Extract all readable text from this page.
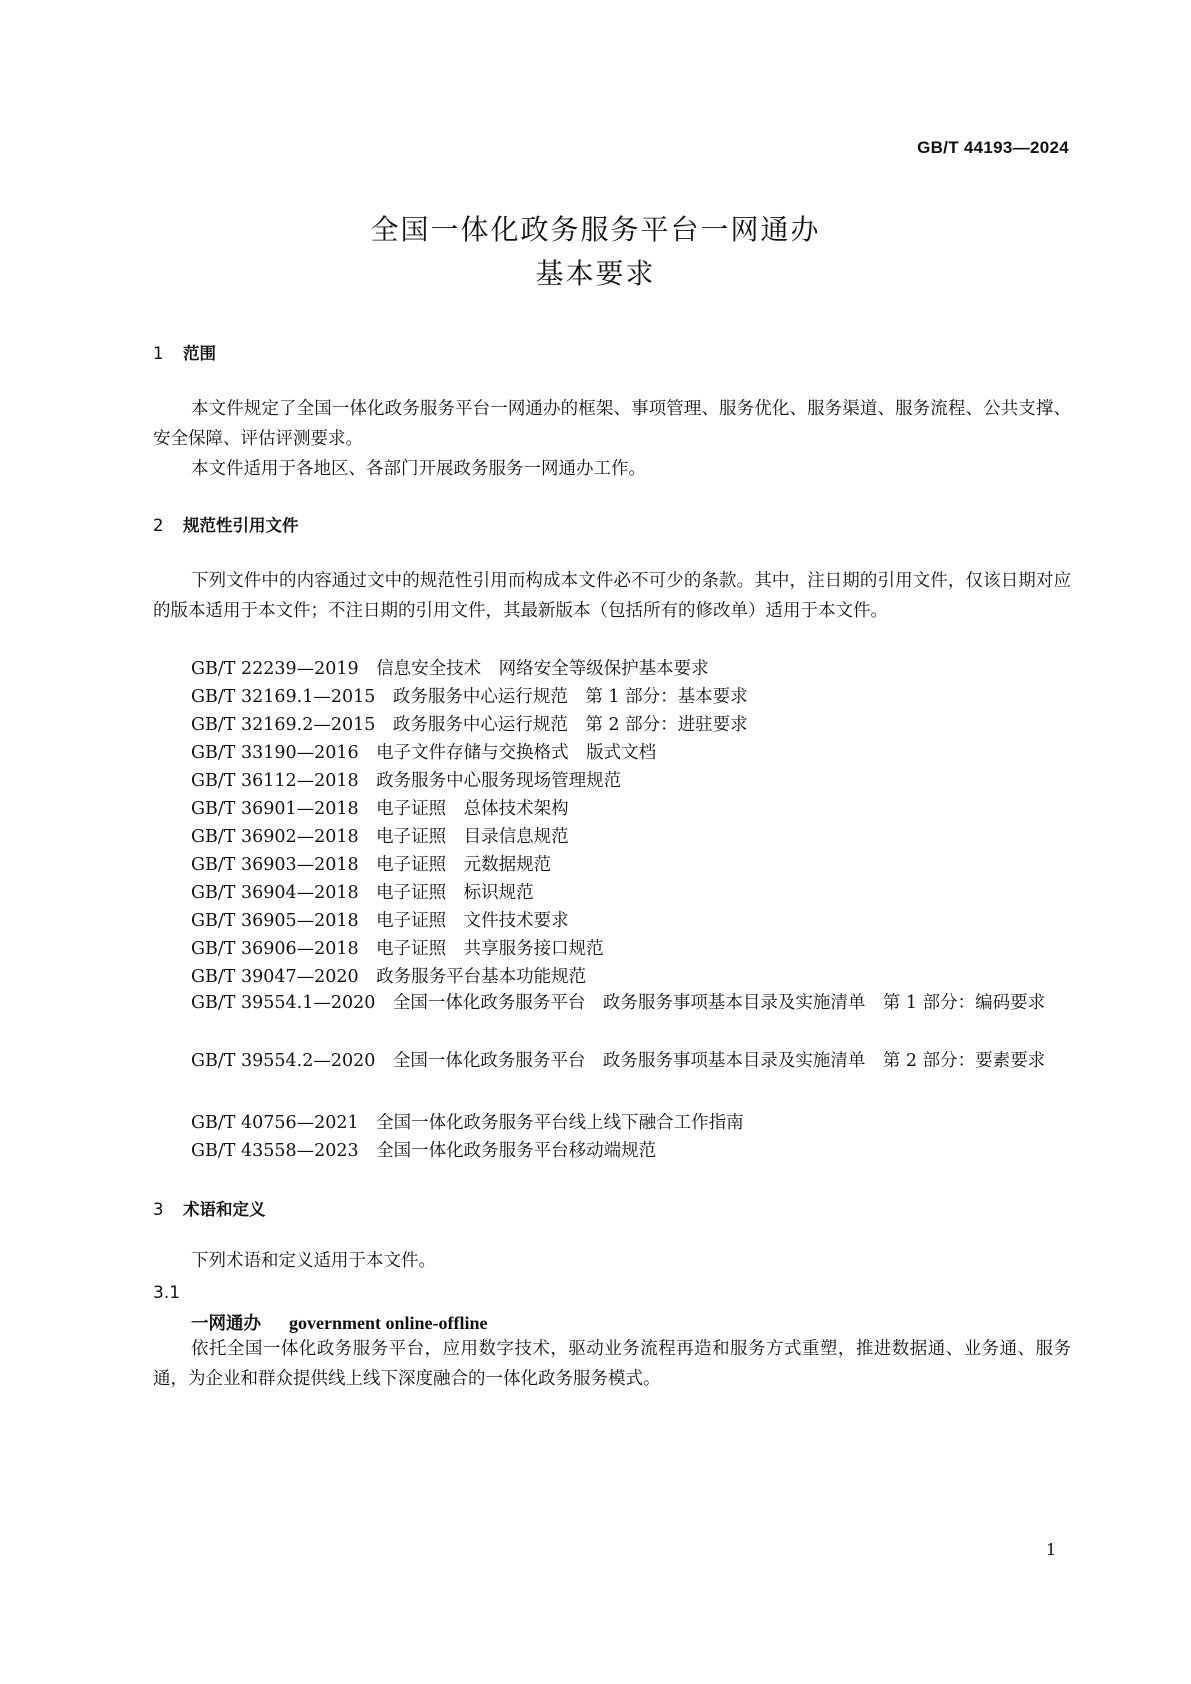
GB/T 44193—2024
全国一体化政务服务平台一网通办
基本要求
1 范围
本文件规定了全国一体化政务服务平台一网通办的框架、事项管理、服务优化、服务渠道、服务流程、公共支撑、安全保障、评估评测要求。
本文件适用于各地区、各部门开展政务服务一网通办工作。
2 规范性引用文件
下列文件中的内容通过文中的规范性引用而构成本文件必不可少的条款。其中，注日期的引用文件，仅该日期对应的版本适用于本文件；不注日期的引用文件，其最新版本（包括所有的修改单）适用于本文件。
GB/T 22239—2019　信息安全技术　网络安全等级保护基本要求
GB/T 32169.1—2015　政务服务中心运行规范　第 1 部分：基本要求
GB/T 32169.2—2015　政务服务中心运行规范　第 2 部分：进驻要求
GB/T 33190—2016　电子文件存储与交换格式　版式文档
GB/T 36112—2018　政务服务中心服务现场管理规范
GB/T 36901—2018　电子证照　总体技术架构
GB/T 36902—2018　电子证照　目录信息规范
GB/T 36903—2018　电子证照　元数据规范
GB/T 36904—2018　电子证照　标识规范
GB/T 36905—2018　电子证照　文件技术要求
GB/T 36906—2018　电子证照　共享服务接口规范
GB/T 39047—2020　政务服务平台基本功能规范
GB/T 39554.1—2020　全国一体化政务服务平台　政务服务事项基本目录及实施清单　第 1 部分：编码要求
GB/T 39554.2—2020　全国一体化政务服务平台　政务服务事项基本目录及实施清单　第 2 部分：要素要求
GB/T 40756—2021　全国一体化政务服务平台线上线下融合工作指南
GB/T 43558—2023　全国一体化政务服务平台移动端规范
3 术语和定义
下列术语和定义适用于本文件。
3.1
一网通办 government online-offline
依托全国一体化政务服务平台，应用数字技术，驱动业务流程再造和服务方式重塑，推进数据通、业务通、服务通，为企业和群众提供线上线下深度融合的一体化政务服务模式。
1
